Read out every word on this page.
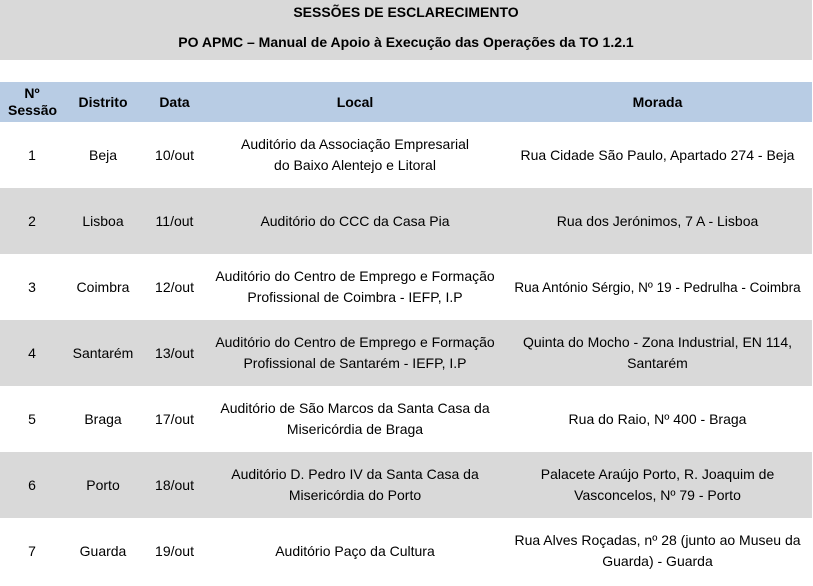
SESSÕES DE ESCLARECIMENTO
PO APMC – Manual de Apoio à Execução das Operações da TO 1.2.1
Nº Sessão	Distrito	Data	Local	Morada
1	Beja	10/out	Auditório da Associação Empresarial do Baixo Alentejo e Litoral	Rua Cidade São Paulo, Apartado 274 - Beja
2	Lisboa	11/out	Auditório do CCC da Casa Pia	Rua dos Jerónimos, 7 A - Lisboa
3	Coimbra	12/out	Auditório do Centro de Emprego e Formação Profissional de Coimbra - IEFP, I.P	Rua António Sérgio, Nº 19 - Pedrulha - Coimbra
4	Santarém	13/out	Auditório do Centro de Emprego e Formação Profissional de Santarém - IEFP, I.P	Quinta do Mocho - Zona Industrial, EN 114, Santarém
5	Braga	17/out	Auditório de São Marcos da Santa Casa da Misericórdia de Braga	Rua do Raio, Nº 400 - Braga
6	Porto	18/out	Auditório D. Pedro IV da Santa Casa da Misericórdia do Porto	Palacete Araújo Porto, R. Joaquim de Vasconcelos, Nº 79 - Porto
7	Guarda	19/out	Auditório Paço da Cultura	Rua Alves Roçadas, nº 28 (junto ao Museu da Guarda) - Guarda
